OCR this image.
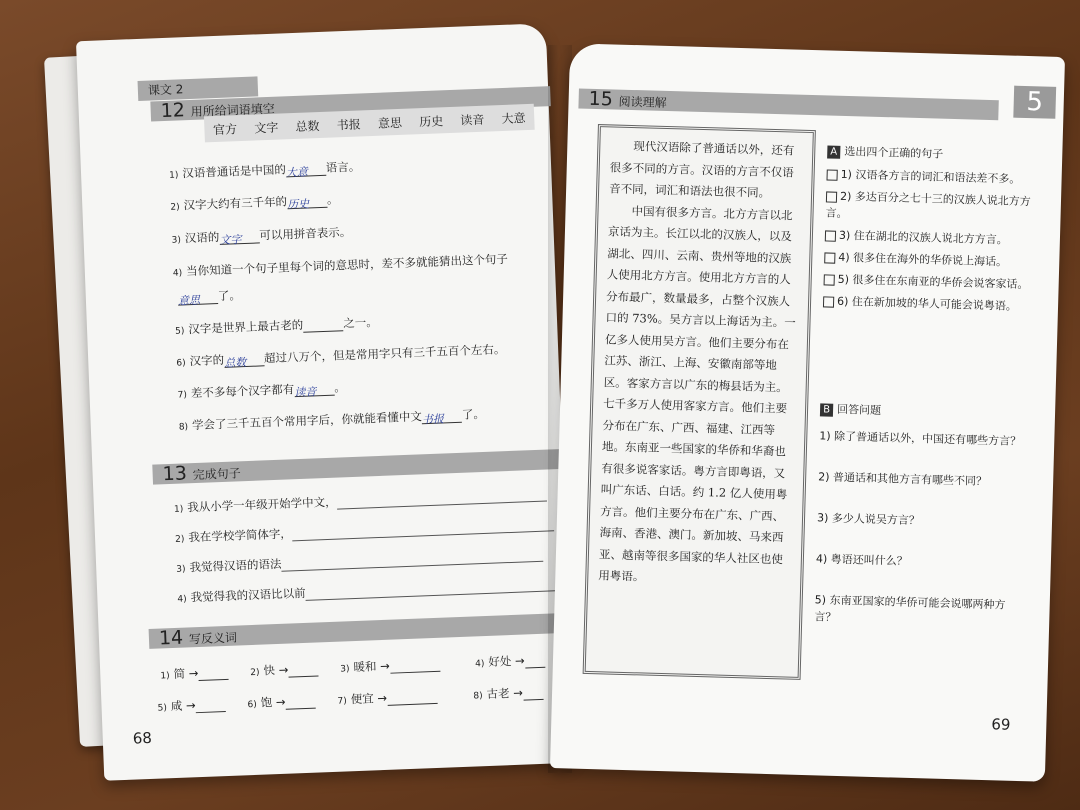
课文 2
12 用所给词语填空
官方 文字 总数 书报 意思 历史 读音 大意
1) 汉语普通话是中国的大意 语言。
2) 汉字大约有三千年的历史 。
3) 汉语的文字 可以用拼音表示。
4) 当你知道一个句子里每个词的意思时，差不多就能猜出这个句子
意思 了。
5) 汉字是世界上最古老的	之一。
6) 汉字的总数 超过八万个，但是常用字只有三千五百个左右。
7) 差不多每个汉字都有读音 。
8) 学会了三千五百个常用字后，你就能看懂中文书报 了。
13 完成句子
1) 我从小学一年级开始学中文，
2) 我在学校学简体字，
3) 我觉得汉语的语法
4) 我觉得我的汉语比以前
14 写反义词
1) 简 →	2) 快 →	3) 暖和 →	4) 好处 →
5) 咸 →	6) 饱 →	7) 便宜 →	8) 古老 →
68
5
15 阅读理解

现代汉语除了普通话以外，还有很多不同的方言。汉语的方言不仅语音不同，词汇和语法也很不同。

中国有很多方言。北方方言以北京话为主。长江以北的汉族人，以及湖北、四川、云南、贵州等地的汉族人使用北方方言。使用北方方言的人分布最广，数量最多，占整个汉族人口的 73%。吴方言以上海话为主。一亿多人使用吴方言。他们主要分布在江苏、浙江、上海、安徽南部等地区。客家方言以广东的梅县话为主。七千多万人使用客家方言。他们主要分布在广东、广西、福建、江西等地。东南亚一些国家的华侨和华裔也有很多说客家话。粤方言即粤语，又叫广东话、白话。约 1.2 亿人使用粤方言。他们主要分布在广东、广西、海南、香港、澳门。新加坡、马来西亚、越南等很多国家的华人社区也使用粤语。

A 选出四个正确的句子
1) 汉语各方言的词汇和语法差不多。
2) 多达百分之七十三的汉族人说北方方言。
3) 住在湖北的汉族人说北方方言。
4) 很多住在海外的华侨说上海话。
5) 很多住在东南亚的华侨会说客家话。
6) 住在新加坡的华人可能会说粤语。
B 回答问题
1) 除了普通话以外，中国还有哪些方言？
2) 普通话和其他方言有哪些不同？
3) 多少人说吴方言？
4) 粤语还叫什么？
5) 东南亚国家的华侨可能会说哪两种方言？
69
